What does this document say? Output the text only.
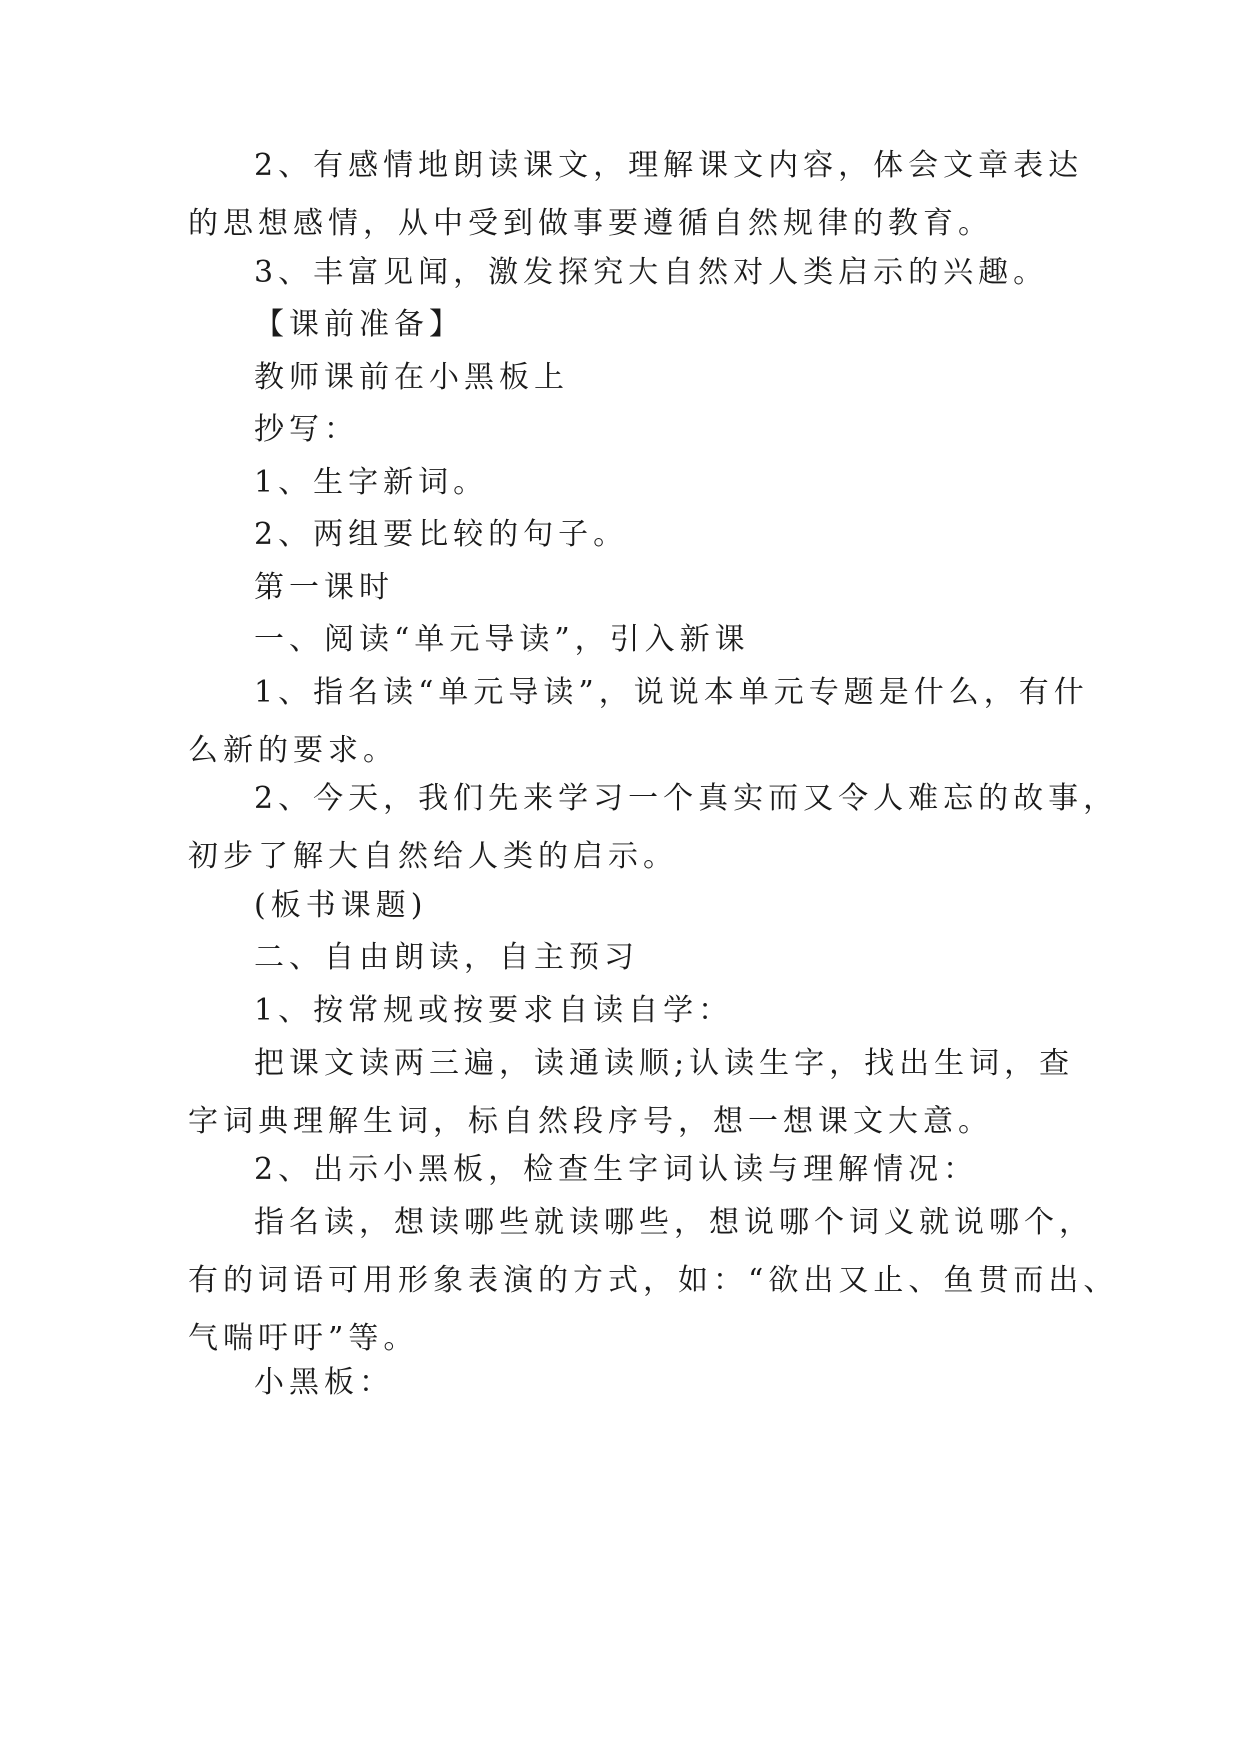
2、有感情地朗读课文，理解课文内容，体会文章表达
的思想感情，从中受到做事要遵循自然规律的教育。

3、丰富见闻，激发探究大自然对人类启示的兴趣。

【课前准备】

教师课前在小黑板上

抄写：

1、生字新词。

2、两组要比较的句子。

第一课时

一、阅读“单元导读”，引入新课

1、指名读“单元导读”，说说本单元专题是什么，有什
么新的要求。

2、今天，我们先来学习一个真实而又令人难忘的故事，
初步了解大自然给人类的启示。

(板书课题)

二、自由朗读，自主预习

1、按常规或按要求自读自学：

把课文读两三遍，读通读顺;认读生字，找出生词，查
字词典理解生词，标自然段序号，想一想课文大意。

2、出示小黑板，检查生字词认读与理解情况：

指名读，想读哪些就读哪些，想说哪个词义就说哪个，
有的词语可用形象表演的方式，如：“欲出又止、鱼贯而出、
气喘吁吁”等。

小黑板：
